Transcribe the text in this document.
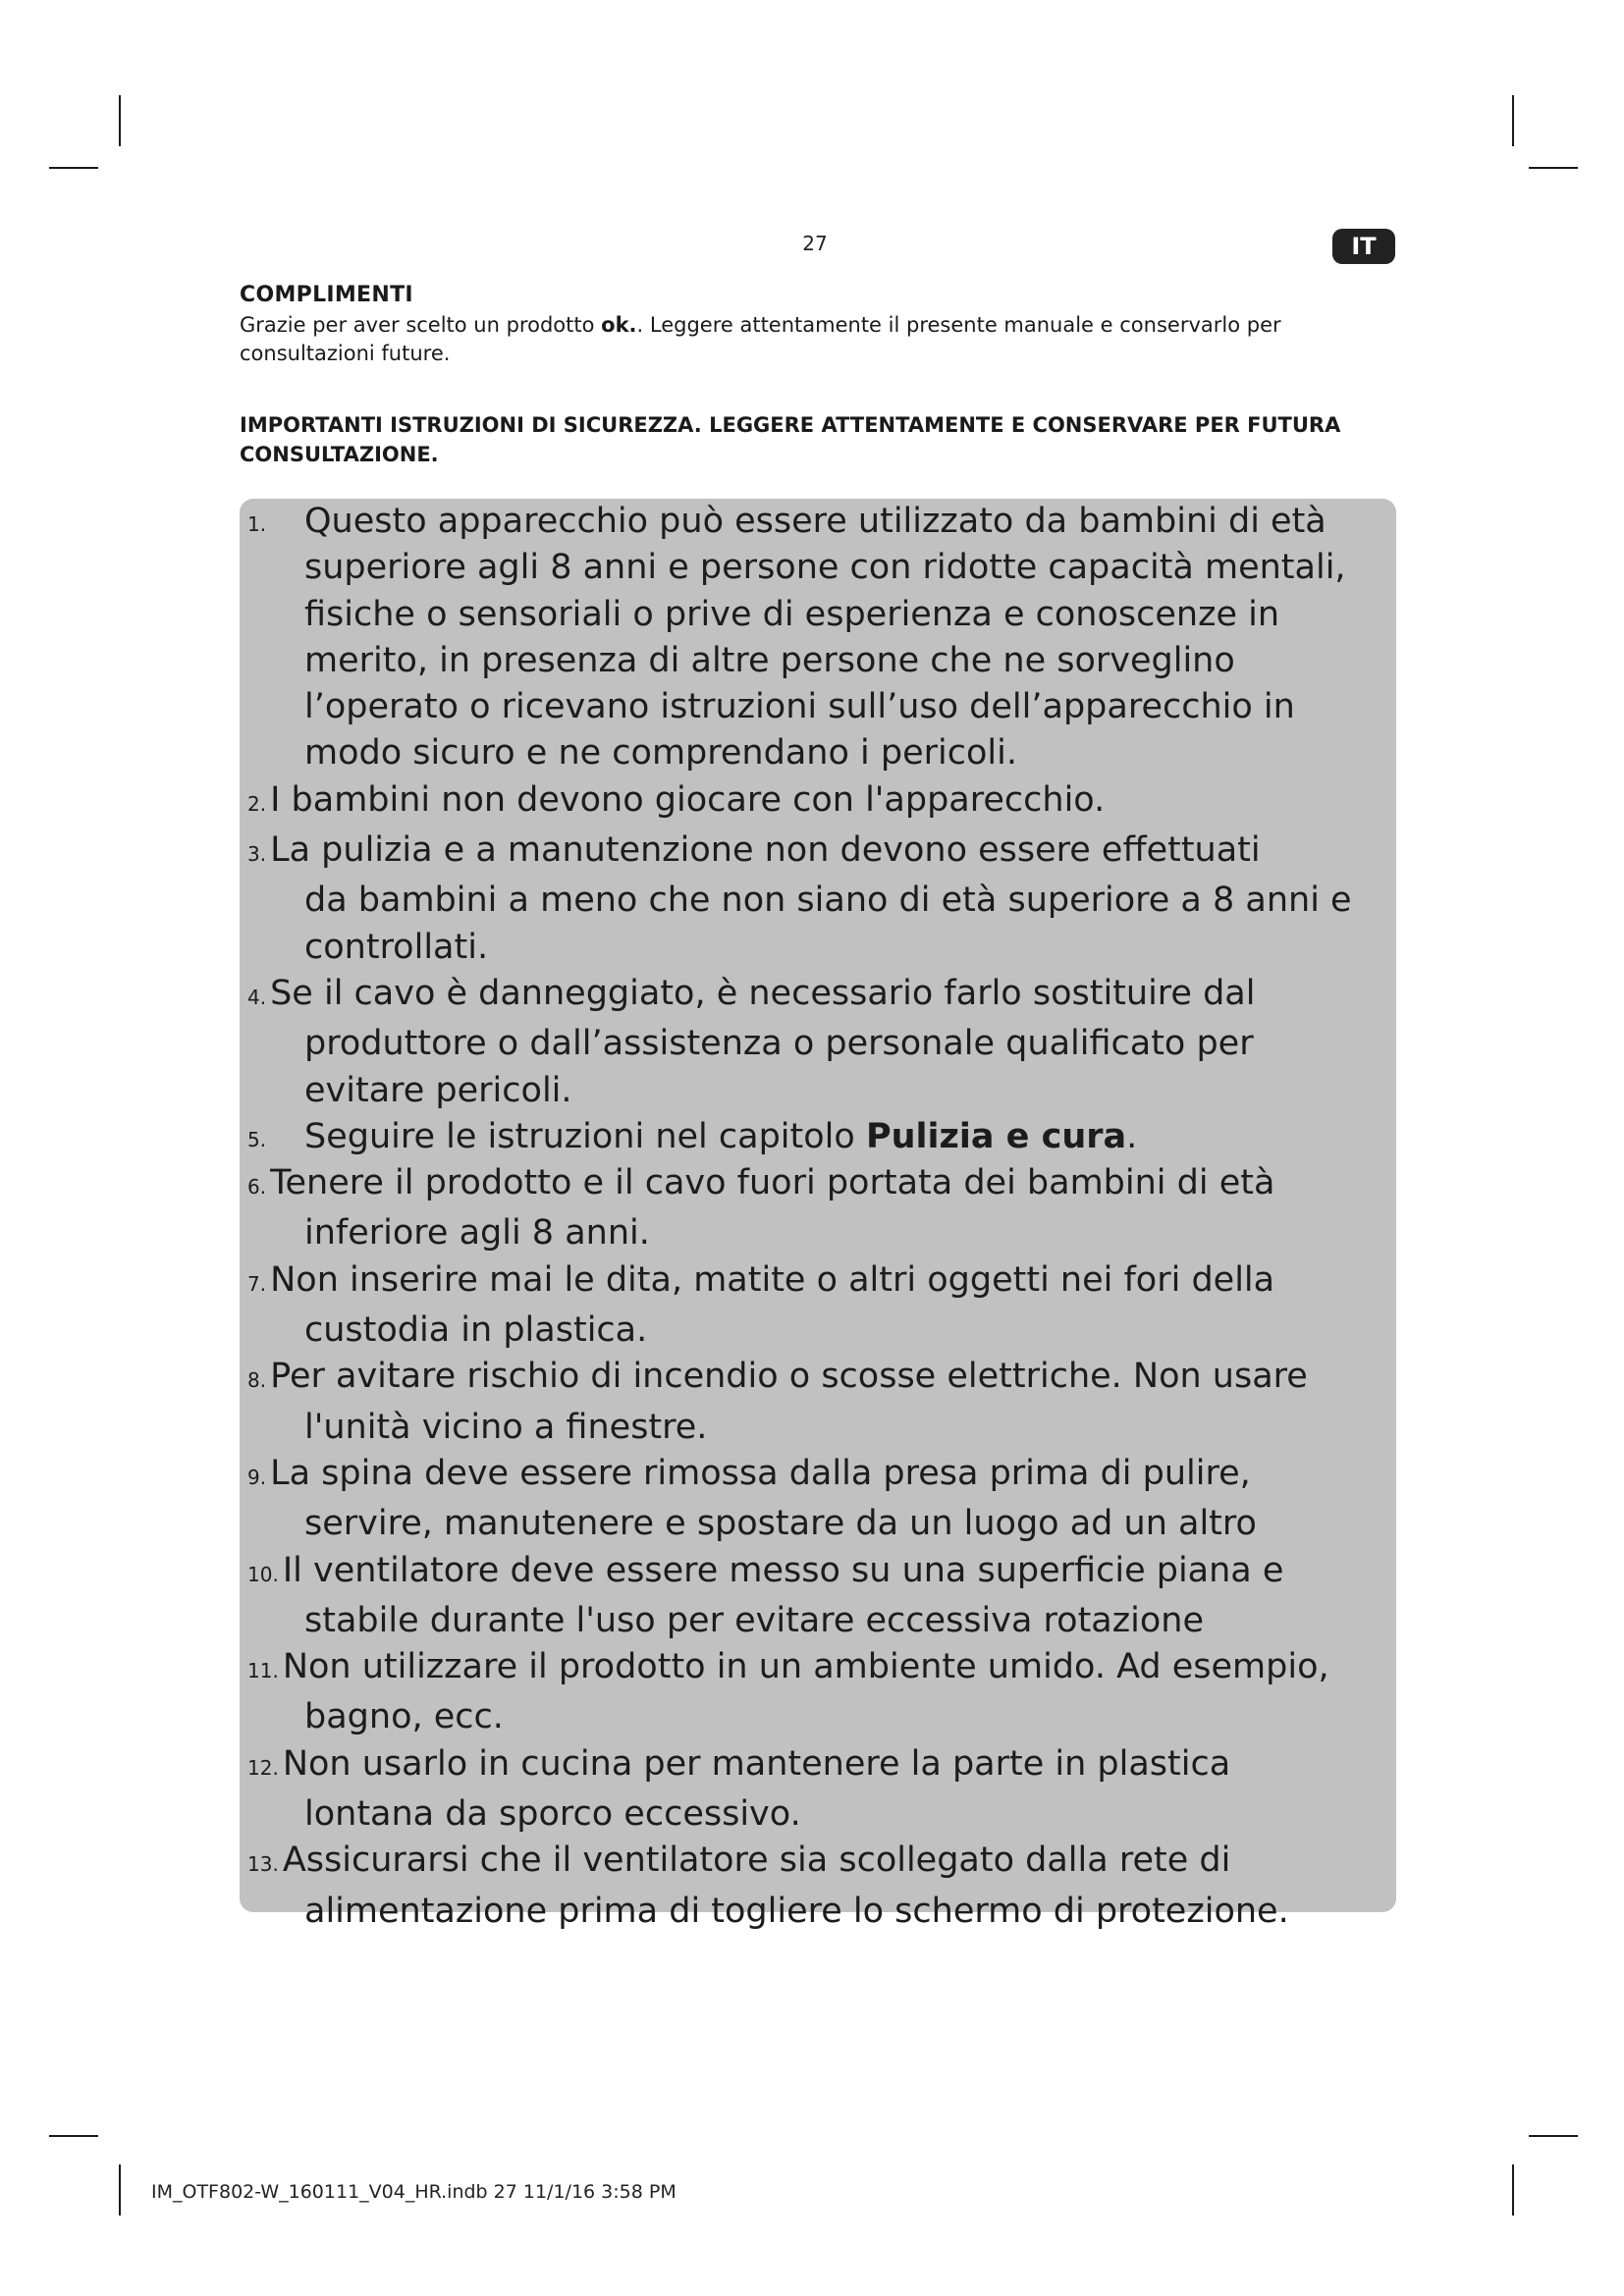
27	IT
COMPLIMENTI
Grazie per aver scelto un prodotto ok.. Leggere attentamente il presente manuale e conservarlo per consultazioni future.
IMPORTANTI ISTRUZIONI DI SICUREZZA. LEGGERE ATTENTAMENTE E CONSERVARE PER FUTURA CONSULTAZIONE.
1. Questo apparecchio può essere utilizzato da bambini di età
superiore agli 8 anni e persone con ridotte capacità mentali,
fisiche o sensoriali o prive di esperienza e conoscenze in
merito, in presenza di altre persone che ne sorveglino
l’operato o ricevano istruzioni sull’uso dell’apparecchio in
modo sicuro e ne comprendano i pericoli.
2. I bambini non devono giocare con l'apparecchio.
3. La pulizia e a manutenzione non devono essere effettuati
da bambini a meno che non siano di età superiore a 8 anni e
controllati.
4. Se il cavo è danneggiato, è necessario farlo sostituire dal
produttore o dall’assistenza o personale qualificato per
evitare pericoli.
5. Seguire le istruzioni nel capitolo Pulizia e cura.
6. Tenere il prodotto e il cavo fuori portata dei bambini di età
inferiore agli 8 anni.
7. Non inserire mai le dita, matite o altri oggetti nei fori della
custodia in plastica.
8. Per avitare rischio di incendio o scosse elettriche. Non usare
l'unità vicino a finestre.
9. La spina deve essere rimossa dalla presa prima di pulire,
servire, manutenere e spostare da un luogo ad un altro
10. Il ventilatore deve essere messo su una superficie piana e
stabile durante l'uso per evitare eccessiva rotazione
11. Non utilizzare il prodotto in un ambiente umido. Ad esempio,
bagno, ecc.
12. Non usarlo in cucina per mantenere la parte in plastica
lontana da sporco eccessivo.
13. Assicurarsi che il ventilatore sia scollegato dalla rete di
alimentazione prima di togliere lo schermo di protezione.
IM_OTF802-W_160111_V04_HR.indb 27 11/1/16 3:58 PM
